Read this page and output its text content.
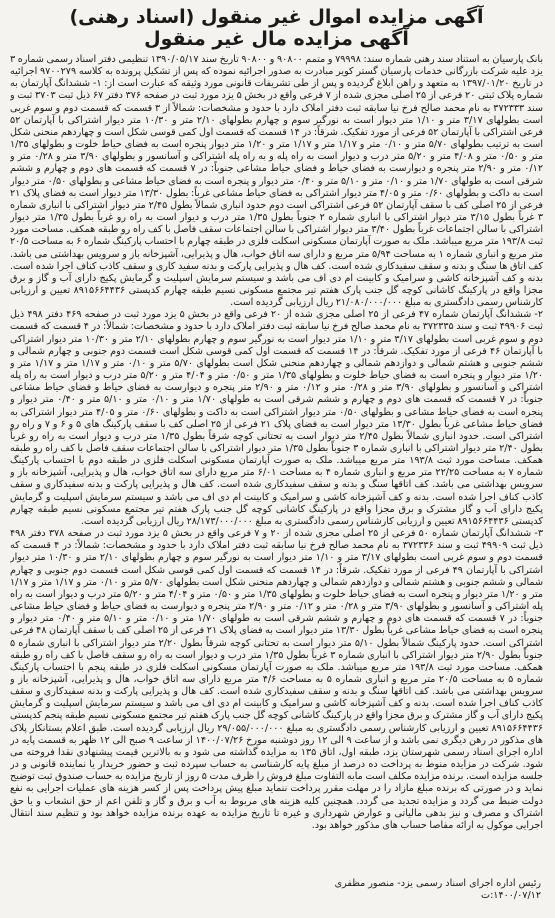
آگهی مزایده اموال غیر منقول (اسناد رهنی)
آگهی مزایده مال غیر منقول

بانک پارسیان به استناد سند رهنی شماره سند: ۷۹۹۹۸ و متمم ۹۰۸۰۰ و ۹۰۸۰۰ تاریخ سند ۱۳۹۰/۰۵/۱۷ تنظیمی دفتر اسناد رسمی شماره ۳ یزد علیه شرکت بازرگانی خدمات پارسیان گستر کویر مبادرت به صدور اجرائیه نموده که پس از تشکیل پرونده به کلاسه ۹۷۰۰۲۷۹ اجرائیه در تاریخ ۱۳۹۷/۰۱/۲۰ به متعهد و راهن ابلاغ گردیده و پس از طی تشریفات قانونی مورد وثیقه که عبارت است از: ۱- ششدانگ آپارتمان به شماره پلاک ثبتی ۲۰ فرعی از ۲۵ اصلی مجزی شده از ۷ فرعی واقع در بخش ۵ یزد مورد ثبت در صفحه ۳۷۶ دفتر ۶۷ ذیل ثبت ۳۷۰۳ ثبت و سند ۳۷۲۳۳۳ به نام محمد صالح فرخ نیا سابقه ثبت دفتر املاک دارد با حدود و مشخصات: شمالاً از ۳ قسمت که قسمت دوم و سوم غربی است بطولهای ۳/۱۷ متر و ۱/۱۰ متر دیوار است به نورگیر سوم و چهارم بطولهای ۲/۱۰ متر و ۱۰/۳۰ متر دیوار اشتراکی با آپارتمان ۵۲ فرعی اشتراکی با آپارتمان ۵۲ فرعی از مورد تفکیک. شرقاً: در ۱۴ قسمت که قسمت اول کمی قوسی شکل است و چهاردهم منحنی شکل است به ترتیب بطولهای ۵/۷۰ متر و ۰/۱۰ متر و ۱/۱۷ متر و ۱/۱۷ متر و ۱/۲۰ متر دیوار پنجره است به فضای حیاط خلوت و بطولهای ۱/۳۵ متر و ۰/۵۰ متر و ۴/۰۸ متر و ۵/۲۰ متر درب و دیوار است به راه پله و به راه پله اشتراکی و آسانسور و بطولهای ۳/۹۰ متر و ۰/۲۸ متر و ۰/۱۲ متر و ۲/۹۰ متر پنجره و دیوارست به فضای حیاط و فضای حیاط مشاعی جنوباً: در ۷ قسمت که قسمت های دوم و چهارم و ششم شرقی است به طولهای ۱/۷۰ متر و ۰/۱۰ متر و ۵/۱۰ متر و ۰/۴۰ متر دیوار و پنجره است به فضای حیاط مشاعی و بطولهای ۰/۵۰ متر دیوار است به داکت و بطولهای ۰/۶۰ متر و ۴/۰۵ متر دیوار اشتراکی به فضای حیاط مشاعی غرباً: بطول ۱۳/۳۰ متر دیوار است به فضای پلاک ۲۱ فرعی از ۲۵ اصلی کف با سقف آپارتمان ۵۲ فرعی اشتراکی است دوم حدود انباری شمالاً بطول ۲/۴۵ متر دیوار اشتراکی با انباری شماره ۳ غرباً بطول ۳/۱۵ متر دیوار اشتراکی با انباری شماره ۲ جنوباً بطول ۱/۳۵ متر درب و دیوار است به راه رو غرباً بطول ۱/۳۵ متر دیوار اشتراکی با سالن اجتماعات غرباً بطول ۳/۴۰ متر دیوار اشتراکی با سالن اجتماعات سقف فاصل با کف راه رو طبقه همکف. مساحت مورد ثبت ۱۹۳/۸ متر مربع میباشد. ملک به صورت آپارتمان مسکونی اسکلت فلزی در طبقه چهارم با احتساب پارکینگ شماره ۶ به مساحت ۲۰/۵ متر مربع و انباری شماره ۱ به مساحت ۵/۹۴ متر مربع و دارای سه اتاق خواب، هال و پذیرایی، آشپزخانه باز و سرویس بهداشتی می باشد. کف اتاق ها سنگ و بدنه و سقف سفیدکاری شده است. کف هال و پذیرایی پارکت و بدنه سفید کاری و سقف کاذب کناف اجرا شده است. بدنه و کف آشپزخانه کاشی و سرامیک و کابینت ام دی اف می باشد و سیستم سرمایش اسپلیت و گرمایش پکیج دارای آب و گاز و برق مجزا واقع در پارکینگ کاشانی کوچه گل جنب پارک هفتم تیر مجتمع مسکونی نسیم طبقه چهارم کدپستی ۸۹۱۵۶۶۴۴۳۶ تعیین و ارزیابی کارشناس رسمی دادگستری به مبلغ ۲۱/۰۸۰/۰۰۰/۰۰۰ ریال ارزیابی گردیده است.

۲- ششدانگ آپارتمان شماره ۴۷ فرعی از ۲۵ اصلی مجزی شده از ۲۰ فرعی واقع در بخش ۵ یزد مورد ثبت در صفحه ۴۶۹ دفتر ۴۹۸ ذیل ثبت ۴۹۹۰۶ ثبت و سند ۳۷۲۳۳۵ به نام محمد صالح فرخ نیا سابقه ثبت دفتر املاک دارد با حدود و مشخصات: شمالاً: در ۴ قسمت که قسمت دوم و سوم غربی است بطولهای ۳/۱۷ متر و ۱/۱۰ متر دیوار است به نورگیر سوم و چهارم بطولهای ۲/۱۰ متر و ۱۰/۳۰ متر دیوار اشتراکی با آپارتمان ۴۶ فرعی از مورد تفکیک. شرقاً: در ۱۴ قسمت که قسمت اول کمی قوسی شکل است قسمت دوم جنوبی و چهارم شمالی و ششم جنوبی و هشتم شمالی و دوازدهم شمالی و چهاردهم منحنی شکل است بطولهای ۵/۷۰ متر و ۰/۱۰ متر و ۱/۱۷ متر و ۱/۱۷ متر و ۱/۲۰ متر دیوار و پنجره است به فضای حیاط خلوت و بطولهای ۱/۳۵ متر و ۰/۵۰ متر و ۴/۰۴ متر و ۵/۲۰ متر درب و دیوار است به راه پله اشتراکی و آسانسور و بطولهای ۳/۹۰ متر و ۰/۲۸ متر و ۰/۱۲ متر و ۲/۹۰ متر پنجره و دیوارست به فضای حیاط و فضای حیاط مشاعی جنوباً: در ۷ قسمت که قسمت های دوم و چهارم و ششم شرقی است به طولهای ۱/۷۰ متر و ۰/۱۰ متر و ۵/۱۰ متر و ۰/۴۰ متر دیوار و پنجره است به فضای حیاط مشاعی و بطولهای ۰/۵۰ متر دیوار اشتراکی است به داکت و بطولهای ۰/۶۰ متر و ۴/۰۵ متر دیوار اشتراکی به فضای حیاط مشاعی غرباً بطول ۱۳/۳۰ متر دیوار است به فضای پلاک ۲۱ فرعی از ۲۵ اصلی کف با سقف پارکینگ های ۵ و ۶ و ۷ و راه رو اشتراکی است. حدود انباری شمالاً بطول ۲/۴۵ متر دیوار است به تحتانی کوچه شرقاً بطول ۱/۳۵ متر درب و دیوار است به راه رو غرباً بطول ۲/۴۰ متر دیوار اشتراکی با انباری شماره ۳ جنوباً بطول ۱/۳۵ متر دیوار اشتراکی با سالن اجتماعات سقف فاصل با کف راه رو طبقه همکف. مساحت مورد ثبت ۱۹۳/۸ متر مربع میباشد. ملک به صورت آپارتمان مسکونی اسکلت فلزی در طبقه دوم با احتساب پارکینگ شماره ۷ به مساحت ۲۲/۲۵ متر مربع و انباری شماره ۴ به مساحت ۶/۰۱ متر مربع دارای سه اتاق خواب، هال و پذیرایی، آشپزخانه باز و سرویس بهداشتی می باشد. کف اتاقها سنگ و بدنه و سقف سفیدکاری شده است. کف هال و پذیرایی پارکت و بدنه سفیدکاری و سقف کاذب کناف اجرا شده است. بدنه و کف آشپزخانه کاشی و سرامیک و کابینت ام دی اف می باشد و سیستم سرمایش اسپلیت و گرمایش پکیج دارای آب و گاز مشترک و برق مجزا واقع در پارکینگ کاشانی کوچه گل جنب پارک هفتم تیر مجتمع مسکونی نسیم طبقه چهارم کدپستی ۸۹۱۵۶۶۴۴۳۶ تعیین و ارزیابی کارشناس رسمی دادگستری به مبلغ ۲۸/۱۷۳/۰۰۰/۰۰۰ ریال ارزیابی گردیده است.

۳- ششدانگ آپارتمان شماره ۵۰ فرعی از ۲۵ اصلی مجزی شده از ۲۰ و ۷ فرعی واقع در بخش ۵ یزد مورد ثبت در صفحه ۳۷۸ دفتر ۴۹۸ ذیل ثبت ۴۹۹۰۹ ثبت و سند ۳۷۲۳۳۶ به نام محمد صالح فرخ نیا سابقه ثبت دفتر املاک دارد با حدود و مشخصات: شمالاً: در ۴ قسمت که قسمت دوم و سوم غربی است بطولهای ۳/۱۷ متر و ۱/۱۰ متر دیوار است به نورگیر سوم و چهارم بطولهای ۲/۱۰ متر و ۱۰/۳۰ متر دیوار اشتراکی با آپارتمان ۴۹ فرعی از مورد تفکیک. شرقاً: در ۱۴ قسمت که قسمت اول کمی قوسی شکل است قسمت دوم جنوبی و چهارم شمالی و ششم جنوبی و هشتم شمالی و دوازدهم شمالی و چهاردهم منحنی شکل است بطولهای ۵/۷۰ متر و ۰/۱۰ متر و ۱/۱۷ متر و ۱/۱۷ متر و ۱/۲۰ متر دیوار و پنجره است به فضای حیاط خلوت و بطولهای ۱/۳۵ متر و ۰/۵۰ متر و ۴/۰۴ متر و ۵/۲۰ متر درب و دیوار است به راه پله اشتراکی و آسانسور و بطولهای ۳/۹۰ متر و ۰/۲۸ متر و ۰/۱۲ متر و ۲/۹۰ متر پنجره و دیوارست به فضای حیاط و فضای حیاط مشاعی جنوباً: در ۷ قسمت که قسمت های دوم و چهارم و ششم شرقی است به طولهای ۱/۷۰ متر و ۰/۱۰ متر و ۵/۱۰ متر و ۰/۴۰ متر دیوار و پنجره است به فضای حیاط مشاعی غرباً بطول ۱۳/۳۰ متر دیوار است به فضای پلاک ۲۱ فرعی از ۲۵ اصلی کف با سقف آپارتمان ۴۸ فرعی اشتراکی است. حدود پارکینگ شمالاً بطول ۵/۱۰ متر دیوار است به تحتانی کوچه شرقاً بطول ۲/۲۰ متر دیوار اشتراکی با انباری شماره ۵ جنوباً بطول ۲/۹۰ متر دیوار اشتراکی با انباری شماره ۳ غرباً بطول ۱/۳۵ متر درب و دیوار است به راه رو سقف فاصل با کف راه رو طبقه همکف. مساحت مورد ثبت ۱۹۳/۸ متر مربع میباشد. ملک به صورت آپارتمان مسکونی اسکلت فلزی در طبقه پنجم با احتساب پارکینگ شماره ۵ به مساحت ۲۰/۵ متر مربع و انباری شماره ۵ به مساحت ۴/۶ متر مربع دارای سه اتاق خواب، هال و پذیرایی، آشپزخانه باز و سرویس بهداشتی می باشد. کف اتاقها سنگ و بدنه و سقف سفیدکاری شده است. کف هال و پذیرایی پارکت و بدنه سفیدکاری و سقف کاذب کناف اجرا شده است. بدنه و کف آشپزخانه کاشی و سرامیک و کابینت ام دی اف می باشد و سیستم سرمایش اسپلیت و گرمایش پکیج دارای آب و گاز مشترک و برق مجزا واقع در پارکینگ کاشانی کوچه گل جنب پارک هفتم تیر مجتمع مسکونی نسیم طبقه پنجم کدپستی ۸۹۱۵۶۶۴۴۳۶ تعیین و ارزیابی کارشناس رسمی دادگستری به مبلغ ۲۹/۰۵۵/۰۰۰/۰۰۰ ریال ارزیابی گردیده است. طبق اعلام بستانکار پلاک های مذکور در رهن دیگری نمی باشد و از ساعت ۹ الی ۱۲ روز دوشنبه مورخ ۱۴۰۰/۰۷/۲۶ از ساعت ۹ صبح الی ۱۲ ظهر به قسمت پایه در اداره اجرای اسناد رسمی شهرستان یزد، طبقه اول، اتاق ۱۳۵ به مزایده گذاشته می شود و به بالاترین قیمت پیشنهادی نقدا فروخته می شود. شرکت در مزایده منوط به پرداخت ده درصد از مبلغ پایه کارشناسی به حساب سپرده ثبت و حضور خریدار یا نماینده قانونی و در جلسه مزایده است. برنده مزایده مکلف است مابه التفاوت مبلغ فروش را ظرف مدت ۵ روز از تاریخ مزایده به حساب صندوق ثبت توضیح نماید و در صورتی که برنده مبلغ مازاد را در مهلت مقرر پرداخت ننماید مبلغ پیش پرداخت پس از کسر هزینه های عملیات اجرایی به نفع دولت ضبط می گردد و مزایده تجدید می گردد. همچنین کلیه هزینه های مربوط به آب و برق و گاز و تلفن اعم از حق انشعاب و یا حق اشتراک و مصرف و نیز بدهی مالیاتی و عوارض شهرداری و غیره تا تاریخ مزایده به عهده برنده مزایده خواهد بود و تنظیم سند انتقال اجرایی موکول به ارائه مفاصا حساب های مذکور خواهد بود.

رئیس اداره اجرای اسناد رسمی یزد- منصور مظفری
۱۴۰۰/۰۷/۱۲:ت
